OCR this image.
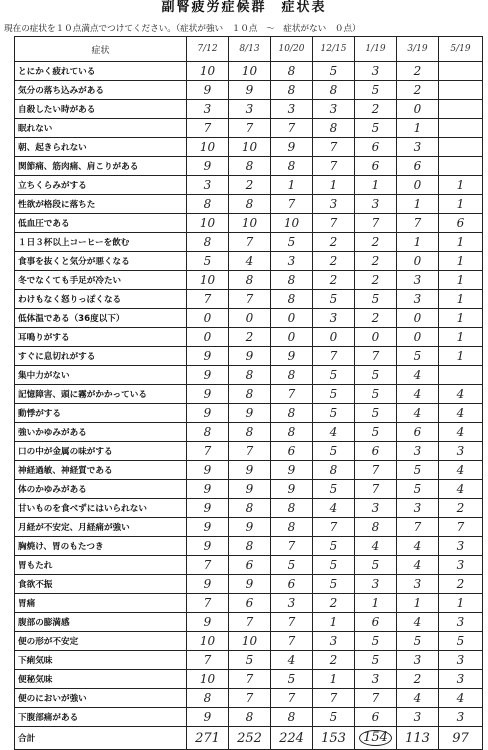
副腎疲労症候群　症状表
現在の症状を１０点満点でつけてください。（症状が強い　１０点　～　症状がない　０点）
症状	7/12	8/13	10/20	12/15	1/19	3/19	5/19
とにかく疲れている	10	10	8	5	3	2	
気分の落ち込みがある	9	9	8	8	5	2	
自殺したい時がある	3	3	3	3	2	0	
眠れない	7	7	7	8	5	1	
朝、起きられない	10	10	9	7	6	3	
関節痛、筋肉痛、肩こりがある	9	8	8	7	6	6	
立ちくらみがする	3	2	1	1	1	0	1
性欲が格段に落ちた	8	8	7	3	3	1	1
低血圧である	10	10	10	7	7	7	6
１日３杯以上コーヒーを飲む	8	7	5	2	2	1	1
食事を抜くと気分が悪くなる	5	4	3	2	2	0	1
冬でなくても手足が冷たい	10	8	8	2	2	3	1
わけもなく怒りっぽくなる	7	7	8	5	5	3	1
低体温である（36度以下）	0	0	0	3	2	0	1
耳鳴りがする	0	2	0	0	0	0	1
すぐに息切れがする	9	9	9	7	7	5	1
集中力がない	9	8	8	5	5	4	
記憶障害、頭に霧がかかっている	9	8	7	5	5	4	4
動悸がする	9	9	8	5	5	4	4
強いかゆみがある	8	8	8	4	5	6	4
口の中が金属の味がする	7	7	6	5	6	3	3
神経過敏、神経質である	9	9	9	8	7	5	4
体のかゆみがある	9	9	9	5	7	5	4
甘いものを食べずにはいられない	9	8	8	4	3	3	2
月経が不安定、月経痛が強い	9	9	8	7	8	7	7
胸焼け、胃のもたつき	9	8	7	5	4	4	3
胃もたれ	7	6	5	5	5	4	3
食欲不振	9	9	6	5	3	3	2
胃痛	7	6	3	2	1	1	1
腹部の膨満感	9	7	7	1	6	4	3
便の形が不安定	10	10	7	3	5	5	5
下痢気味	7	5	4	2	5	3	3
便秘気味	10	7	5	1	3	2	3
便のにおいが強い	8	7	7	7	7	4	4
下腹部痛がある	9	8	8	5	6	3	3
合計	271	252	224	153	154	113	97
